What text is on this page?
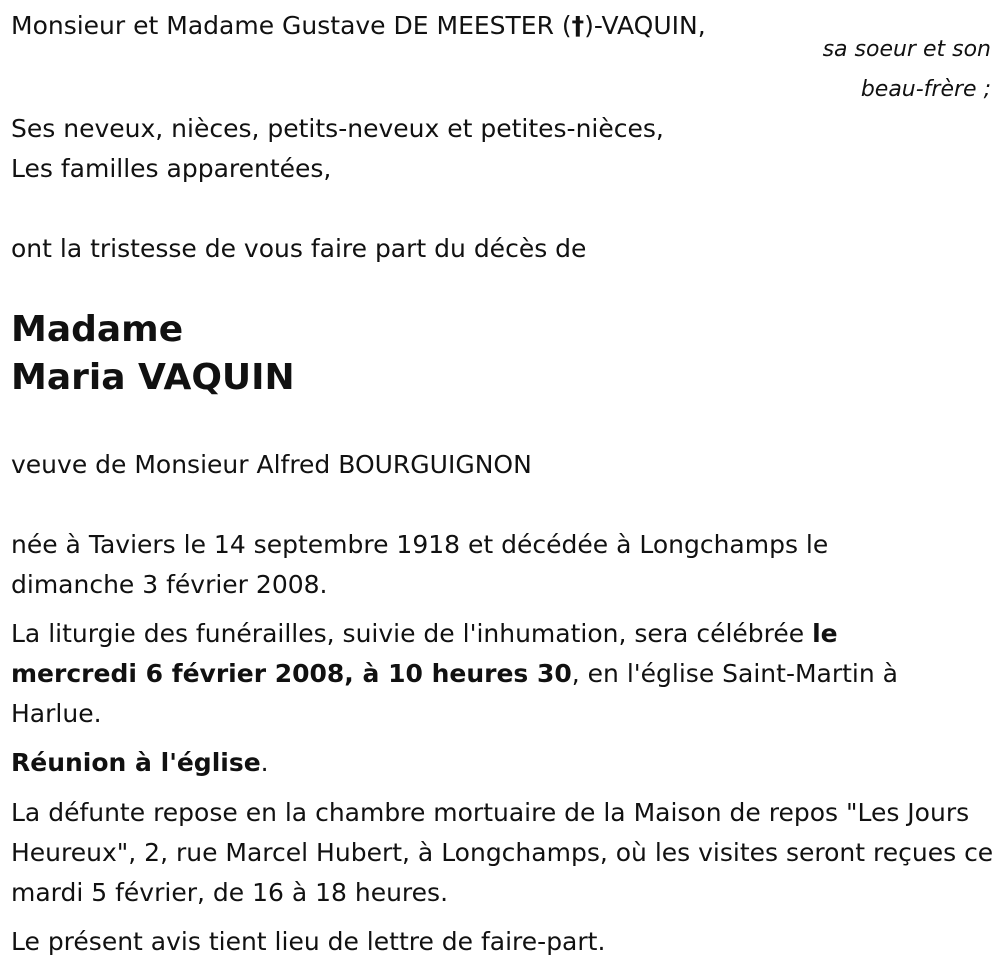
Monsieur et Madame Gustave DE MEESTER (†)-VAQUIN,
sa soeur et son
beau-frère ;
Ses neveux, nièces, petits-neveux et petites-nièces,
Les familles apparentées,
ont la tristesse de vous faire part du décès de
Madame
Maria VAQUIN
veuve de Monsieur Alfred BOURGUIGNON
née à Taviers le 14 septembre 1918 et décédée à Longchamps le dimanche 3 février 2008.
La liturgie des funérailles, suivie de l'inhumation, sera célébrée le mercredi 6 février 2008, à 10 heures 30, en l'église Saint-Martin à Harlue.
Réunion à l'église.
La défunte repose en la chambre mortuaire de la Maison de repos "Les Jours Heureux", 2, rue Marcel Hubert, à Longchamps, où les visites seront reçues ce mardi 5 février, de 16 à 18 heures.
Le présent avis tient lieu de lettre de faire-part.
